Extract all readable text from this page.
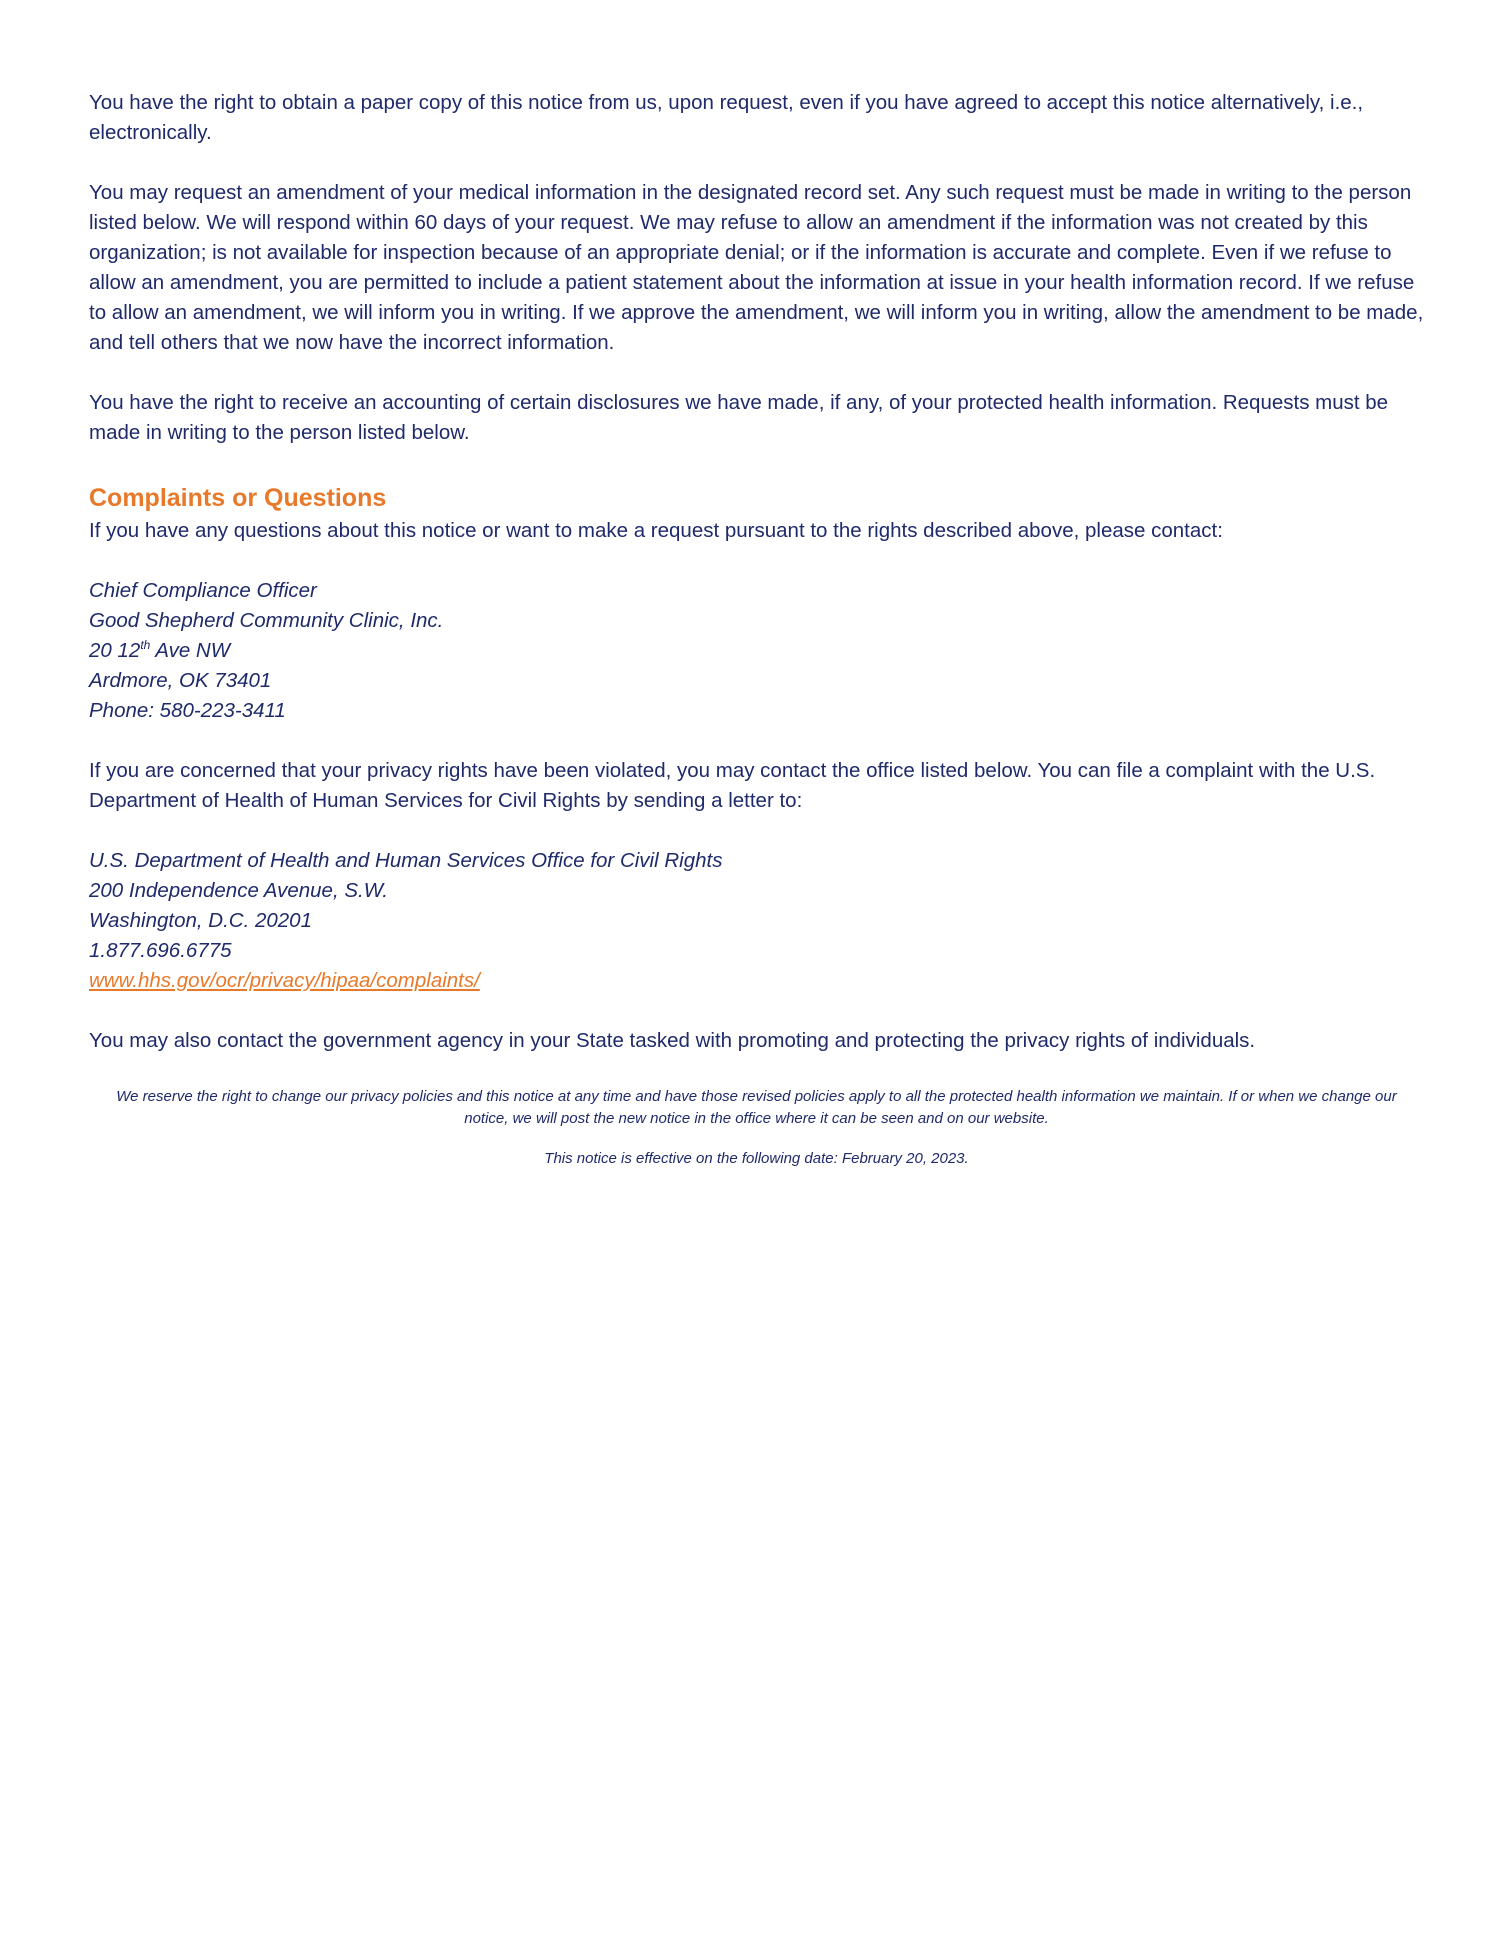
You have the right to obtain a paper copy of this notice from us, upon request, even if you have agreed to accept this notice alternatively, i.e., electronically.

You may request an amendment of your medical information in the designated record set. Any such request must be made in writing to the person listed below. We will respond within 60 days of your request. We may refuse to allow an amendment if the information was not created by this organization; is not available for inspection because of an appropriate denial; or if the information is accurate and complete. Even if we refuse to allow an amendment, you are permitted to include a patient statement about the information at issue in your health information record. If we refuse to allow an amendment, we will inform you in writing. If we approve the amendment, we will inform you in writing, allow the amendment to be made, and tell others that we now have the incorrect information.

You have the right to receive an accounting of certain disclosures we have made, if any, of your protected health information. Requests must be made in writing to the person listed below.

Complaints or Questions

If you have any questions about this notice or want to make a request pursuant to the rights described above, please contact:

Chief Compliance Officer
Good Shepherd Community Clinic, Inc.
20 12th Ave NW
Ardmore, OK 73401
Phone: 580-223-3411

If you are concerned that your privacy rights have been violated, you may contact the office listed below. You can file a complaint with the U.S. Department of Health of Human Services for Civil Rights by sending a letter to:

U.S. Department of Health and Human Services Office for Civil Rights
200 Independence Avenue, S.W.
Washington, D.C. 20201
1.877.696.6775
www.hhs.gov/ocr/privacy/hipaa/complaints/

You may also contact the government agency in your State tasked with promoting and protecting the privacy rights of individuals.

We reserve the right to change our privacy policies and this notice at any time and have those revised policies apply to all the protected health information we maintain. If or when we change our notice, we will post the new notice in the office where it can be seen and on our website.

This notice is effective on the following date: February 20, 2023.
